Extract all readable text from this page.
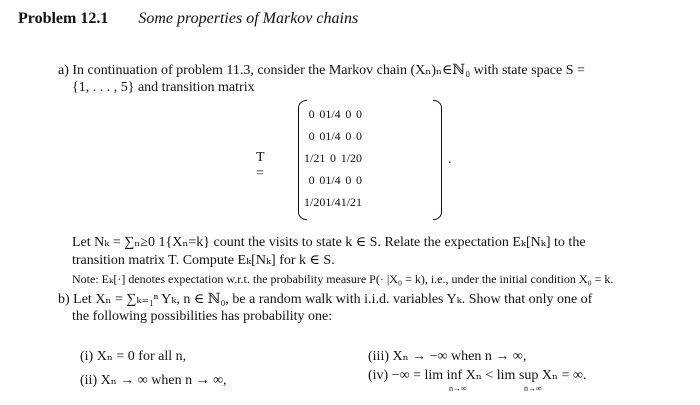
Problem 12.1 Some properties of Markov chains
a) In continuation of problem 11.3, consider the Markov chain (Xₙ)ₙ∈ℕ₀ with state space S =
{1, . . . , 5} and transition matrix
T =
0	0	1/4	0	0
0	0	1/4	0	0
1/2	1	0	1/2	0
0	0	1/4	0	0
1/2	0	1/4	1/2	1
.
Let Nₖ = ∑ₙ≥0 1{Xₙ=k} count the visits to state k ∈ S. Relate the expectation Eₖ[Nₖ] to the
transition matrix T. Compute Eₖ[Nₖ] for k ∈ S.
Note: Eₖ[·] denotes expectation w.r.t. the probability measure P(· |X₀ = k), i.e., under the initial condition X₀ = k.
b) Let Xₙ = ∑ₖ₌₁ⁿ Yₖ, n ∈ ℕ₀, be a random walk with i.i.d. variables Yₖ. Show that only one of
the following possibilities has probability one:
(i) Xₙ = 0 for all n,
(ii) Xₙ → ∞ when n → ∞,
(iii) Xₙ → −∞ when n → ∞,
(iv) −∞ = lim inf Xₙ < lim sup Xₙ = ∞.
n→∞	n→∞
